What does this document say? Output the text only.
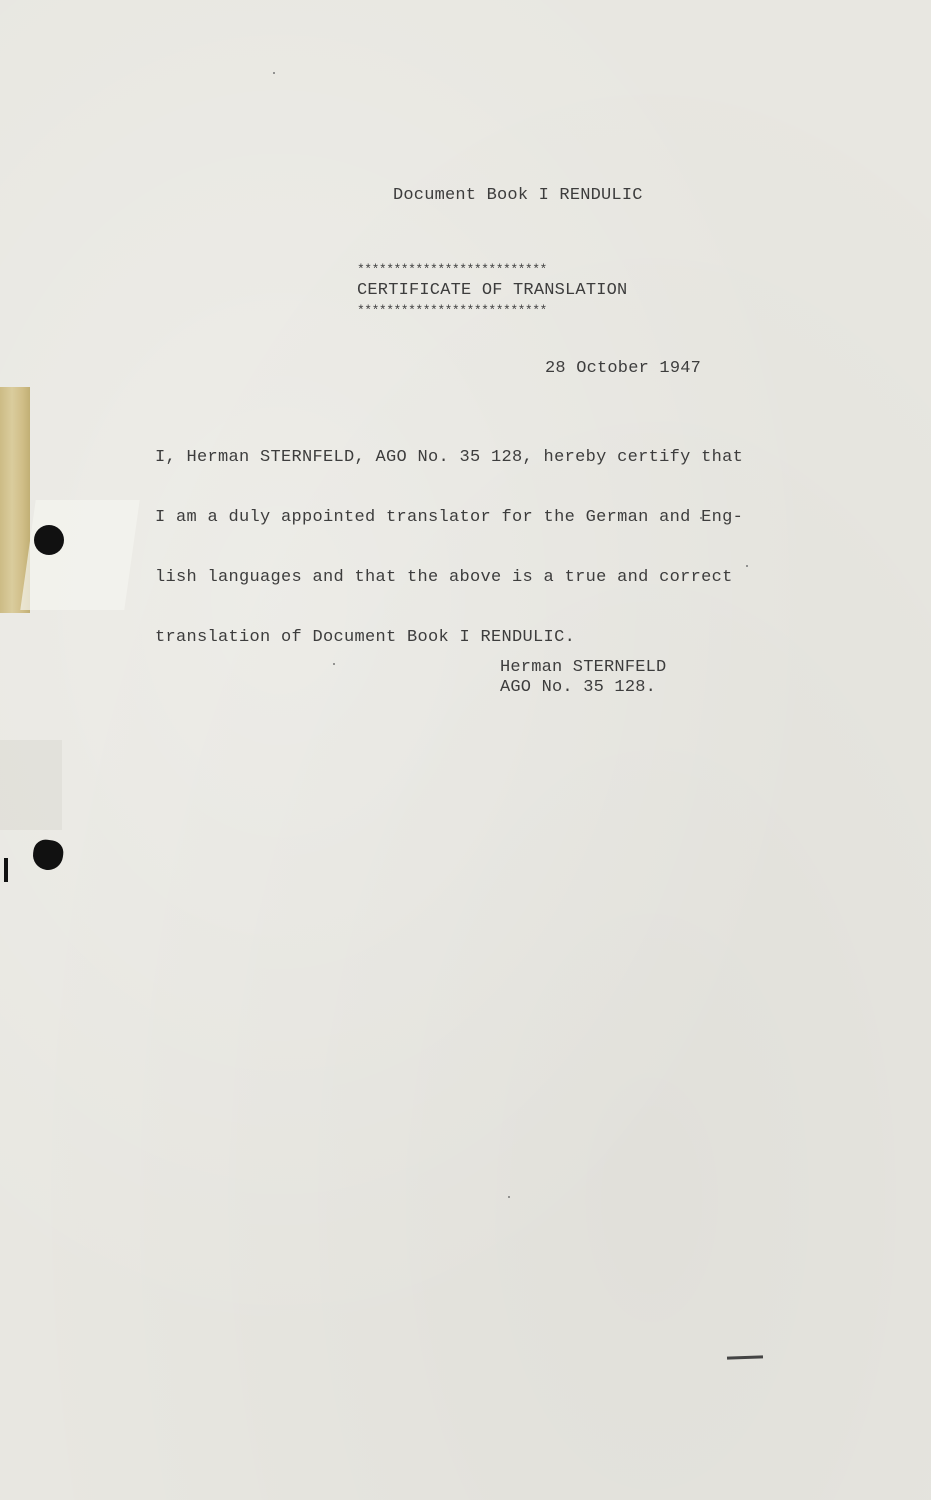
Document Book I RENDULIC
**************************
CERTIFICATE OF TRANSLATION
**************************
28 October 1947

I, Herman STERNFELD, AGO No. 35 128, hereby certify that

I am a duly appointed translator for the German and Eng-

lish languages and that the above is a true and correct

translation of Document Book I RENDULIC.

Herman STERNFELD
AGO No. 35 128.
